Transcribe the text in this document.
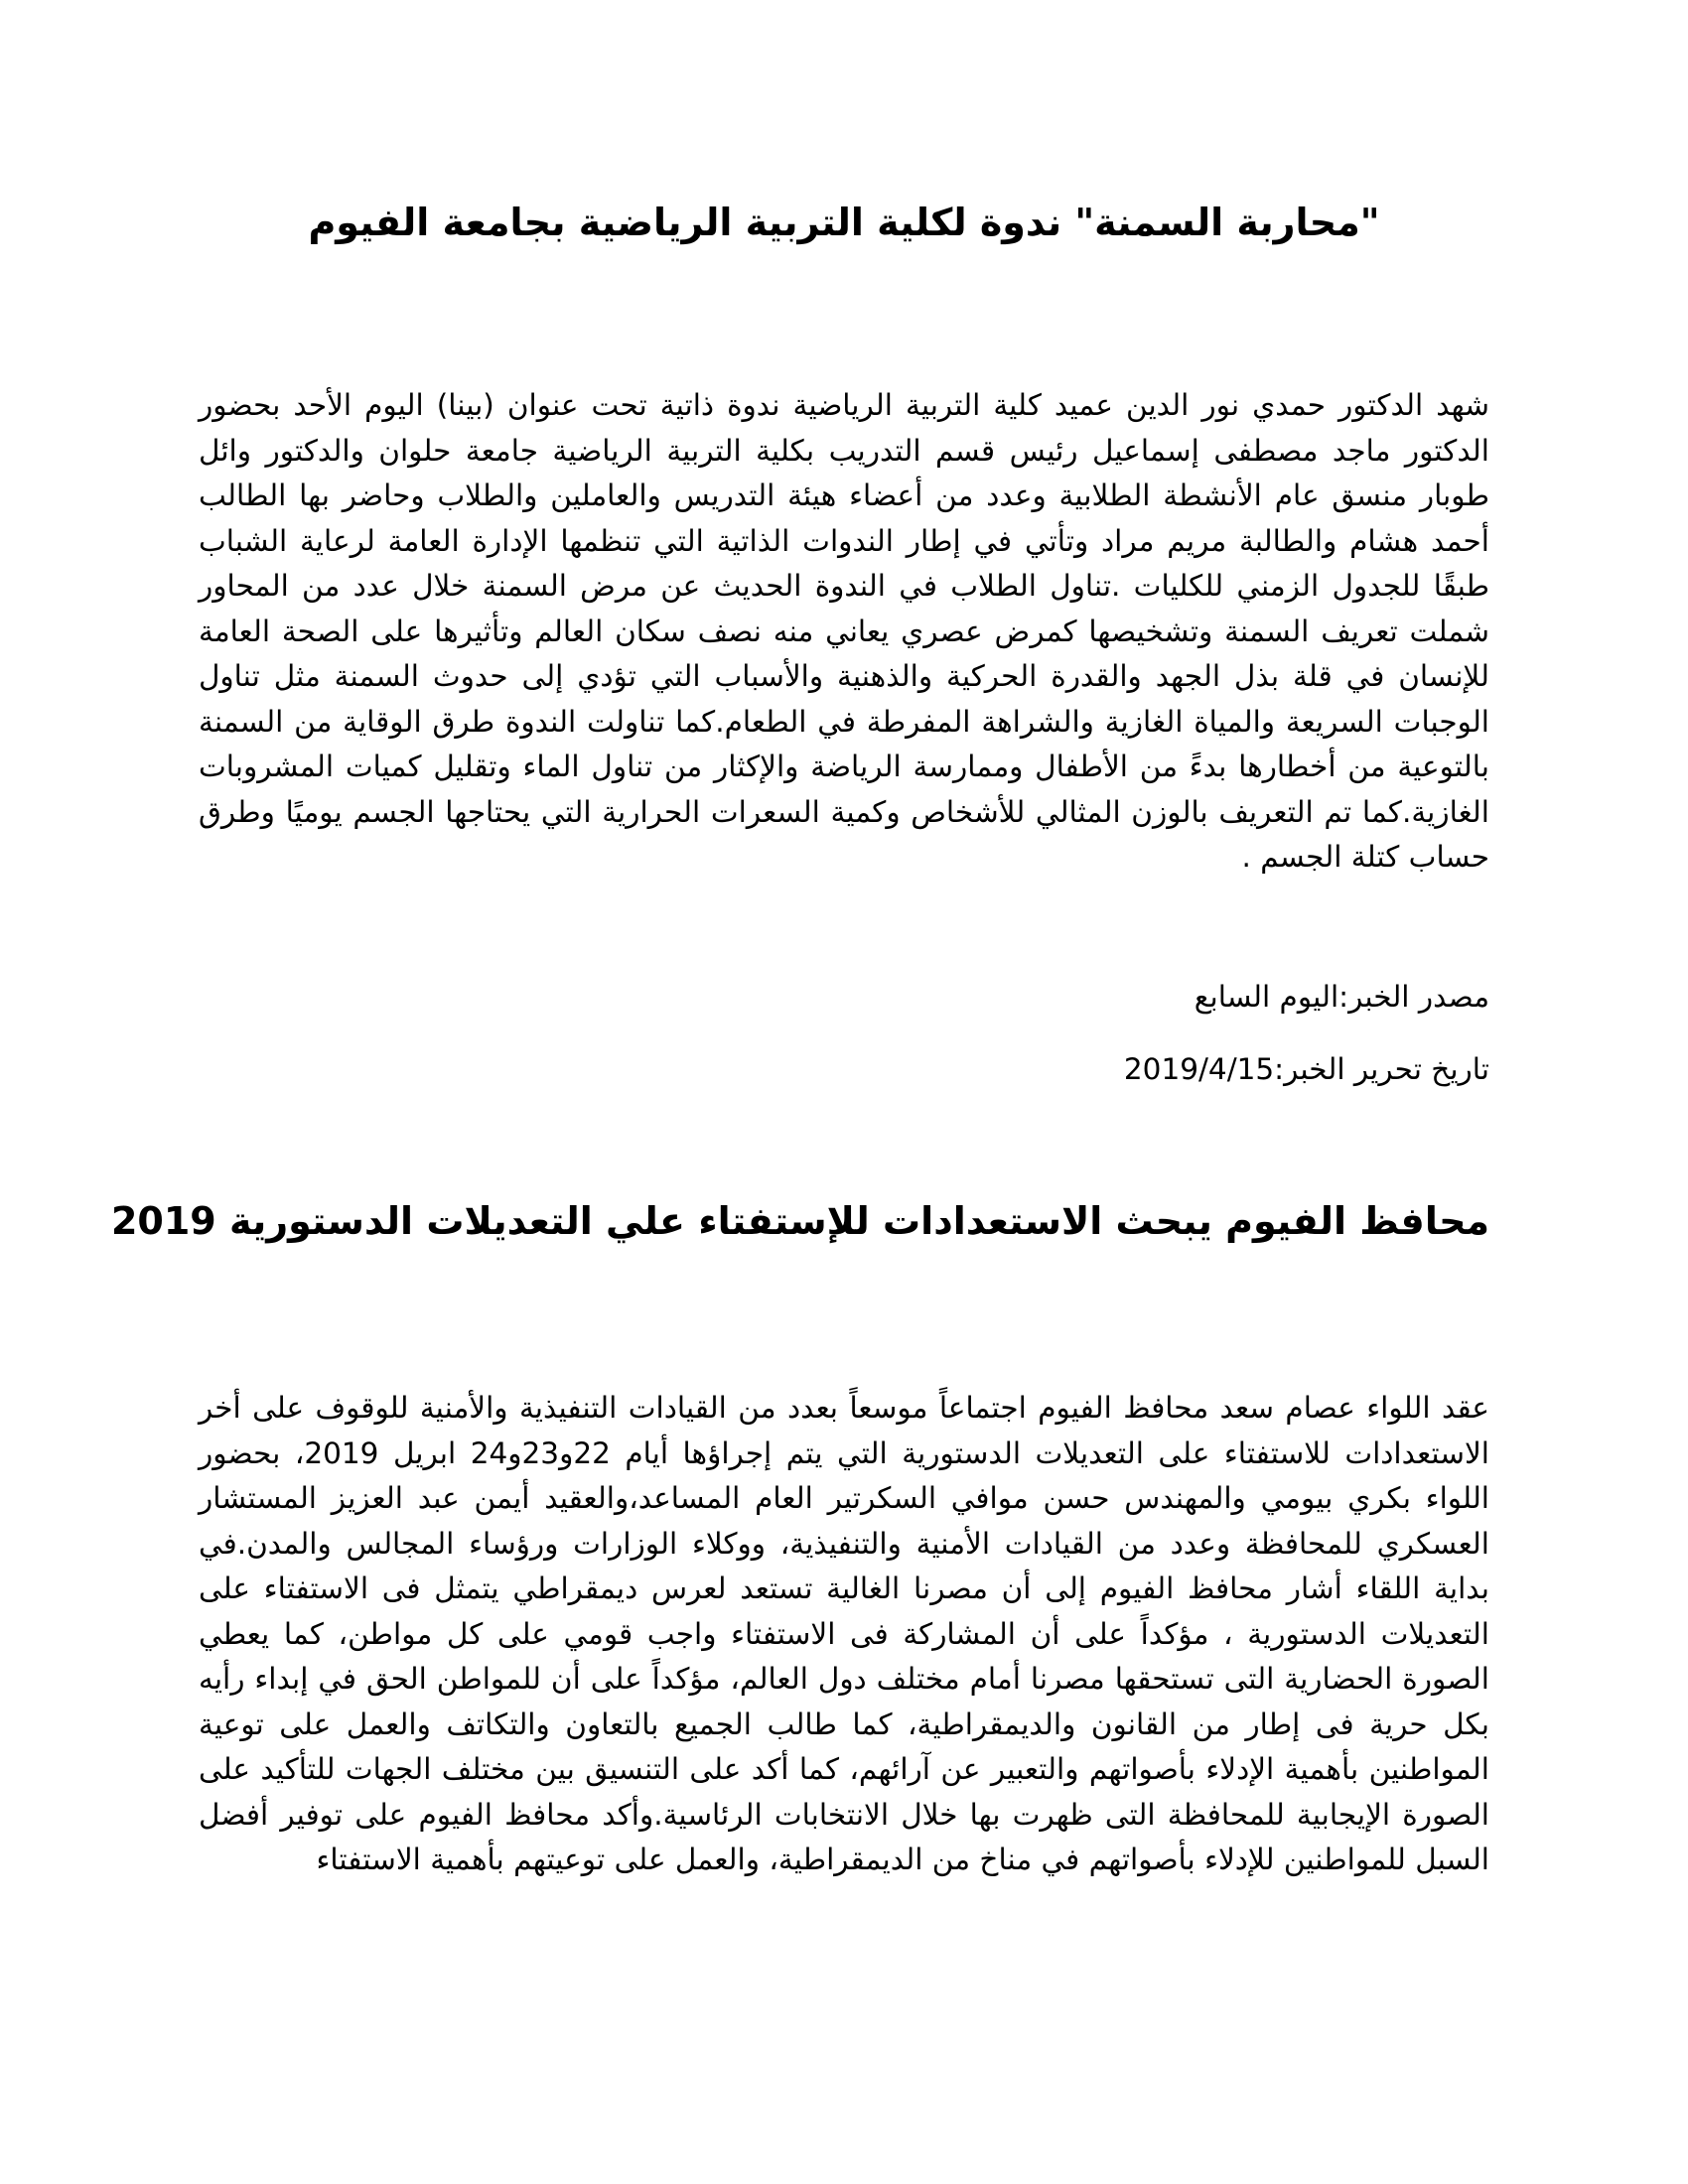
"محاربة السمنة" ندوة لكلية التربية الرياضية بجامعة الفيوم

شهد الدكتور حمدي نور الدين عميد كلية التربية الرياضية ندوة ذاتية تحت عنوان (بينا) اليوم الأحد بحضور الدكتور ماجد مصطفى إسماعيل رئيس قسم التدريب بكلية التربية الرياضية جامعة حلوان والدكتور وائل طوبار منسق عام الأنشطة الطلابية وعدد من أعضاء هيئة التدريس والعاملين والطلاب وحاضر بها الطالب أحمد هشام والطالبة مريم مراد وتأتي في إطار الندوات الذاتية التي تنظمها الإدارة العامة لرعاية الشباب طبقًا للجدول الزمني للكليات .تناول الطلاب في الندوة الحديث عن مرض السمنة خلال عدد من المحاور شملت تعريف السمنة وتشخيصها كمرض عصري يعاني منه نصف سكان العالم وتأثيرها على الصحة العامة للإنسان في قلة بذل الجهد والقدرة الحركية والذهنية والأسباب التي تؤدي إلى حدوث السمنة مثل تناول الوجبات السريعة والمياة الغازية والشراهة المفرطة في الطعام.كما تناولت الندوة طرق الوقاية من السمنة بالتوعية من أخطارها بدءً من الأطفال وممارسة الرياضة والإكثار من تناول الماء وتقليل كميات المشروبات الغازية.كما تم التعريف بالوزن المثالي للأشخاص وكمية السعرات الحرارية التي يحتاجها الجسم يوميًا وطرق حساب كتلة الجسم .

مصدر الخبر:اليوم السابع

تاريخ تحرير الخبر:2019/4/15

محافظ الفيوم يبحث الاستعدادات للإستفتاء علي التعديلات الدستورية 2019

عقد اللواء عصام سعد محافظ الفيوم اجتماعاً موسعاً بعدد من القيادات التنفيذية والأمنية للوقوف على أخر الاستعدادات للاستفتاء على التعديلات الدستورية التي يتم إجراؤها أيام 22و23و24 ابريل 2019، بحضور اللواء بكري بيومي والمهندس حسن موافي السكرتير العام المساعد،والعقيد أيمن عبد العزيز المستشار العسكري للمحافظة وعدد من القيادات الأمنية والتنفيذية، ووكلاء الوزارات ورؤساء المجالس والمدن.في بداية اللقاء أشار محافظ الفيوم إلى أن مصرنا الغالية تستعد لعرس ديمقراطي يتمثل فى الاستفتاء على التعديلات الدستورية ، مؤكداً على أن المشاركة فى الاستفتاء واجب قومي على كل مواطن، كما يعطي الصورة الحضارية التى تستحقها مصرنا أمام مختلف دول العالم، مؤكداً على أن للمواطن الحق في إبداء رأيه بكل حرية فى إطار من القانون والديمقراطية، كما طالب الجميع بالتعاون والتكاتف والعمل على توعية المواطنين بأهمية الإدلاء بأصواتهم والتعبير عن آرائهم، كما أكد على التنسيق بين مختلف الجهات للتأكيد على الصورة الإيجابية للمحافظة التى ظهرت بها خلال الانتخابات الرئاسية.وأكد محافظ الفيوم على توفير أفضل السبل للمواطنين للإدلاء بأصواتهم في مناخ من الديمقراطية، والعمل على توعيتهم بأهمية الاستفتاء
